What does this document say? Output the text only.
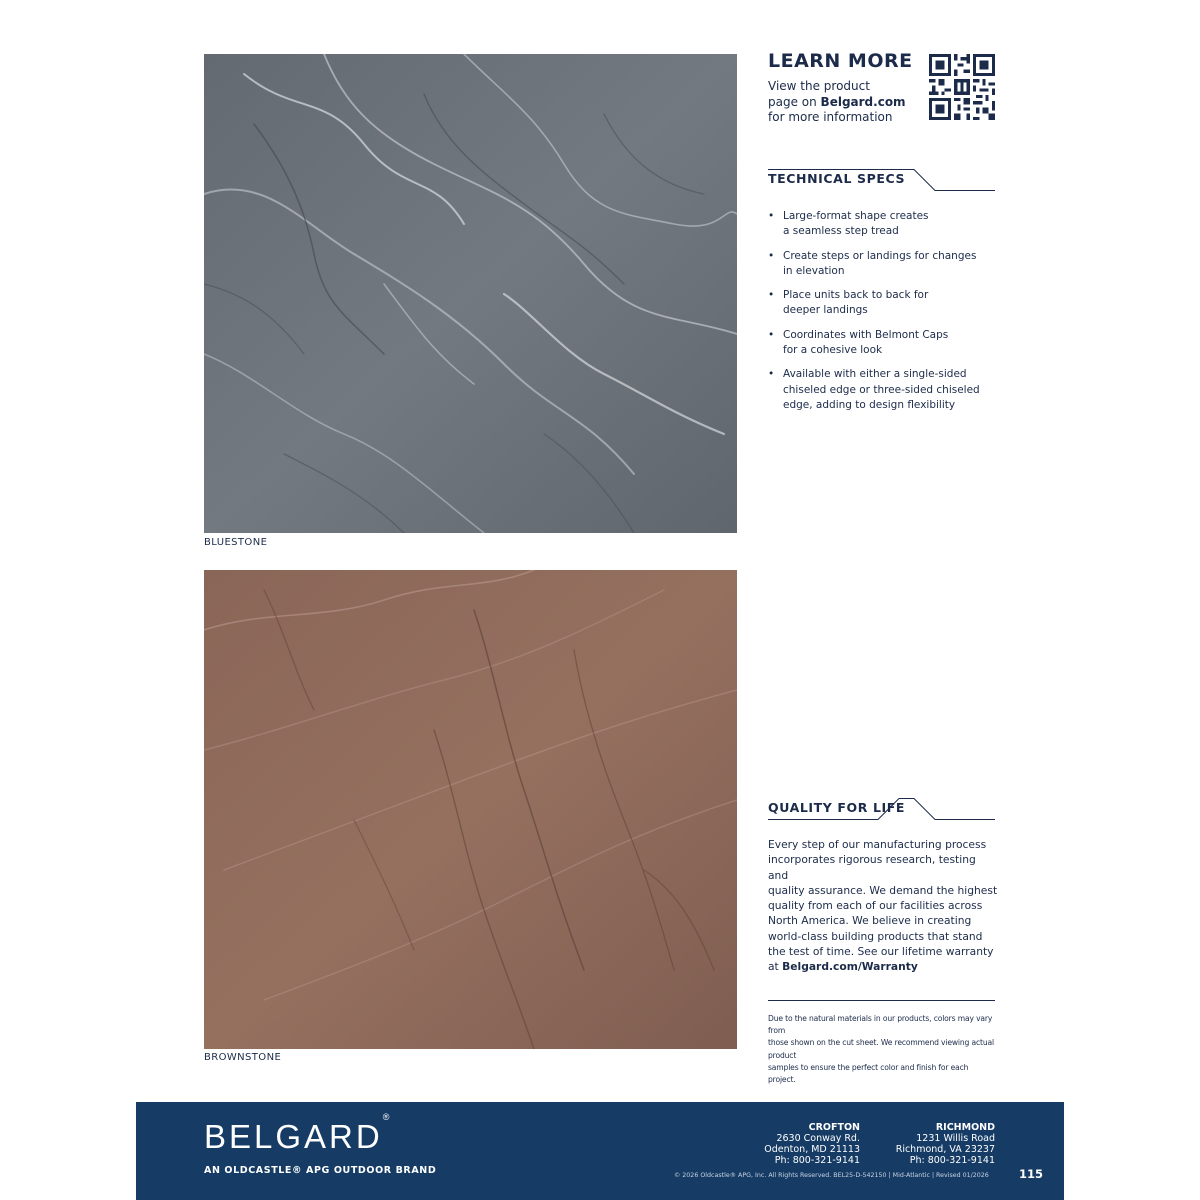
LEARN MORE
View the product
page on Belgard.com
for more information
TECHNICAL SPECS
• Large-format shape creates
a seamless step tread
• Create steps or landings for changes
in elevation
• Place units back to back for
deeper landings
• Coordinates with Belmont Caps
for a cohesive look
• Available with either a single-sided
chiseled edge or three-sided chiseled
edge, adding to design flexibility
BLUESTONE
BROWNSTONE
QUALITY FOR LIFE
Every step of our manufacturing process
incorporates rigorous research, testing and
quality assurance. We demand the highest
quality from each of our facilities across
North America. We believe in creating
world-class building products that stand
the test of time. See our lifetime warranty
at Belgard.com/Warranty
Due to the natural materials in our products, colors may vary from
those shown on the cut sheet. We recommend viewing actual product
samples to ensure the perfect color and finish for each project.
BELGARD®
AN OLDCASTLE® APG OUTDOOR BRAND
CROFTON
2630 Conway Rd.
Odenton, MD 21113
Ph: 800-321-9141
RICHMOND
1231 Willis Road
Richmond, VA 23237
Ph: 800-321-9141
© 2026 Oldcastle® APG, Inc. All Rights Reserved. BEL25-D-542150 | Mid-Atlantic | Revised 01/2026	115
